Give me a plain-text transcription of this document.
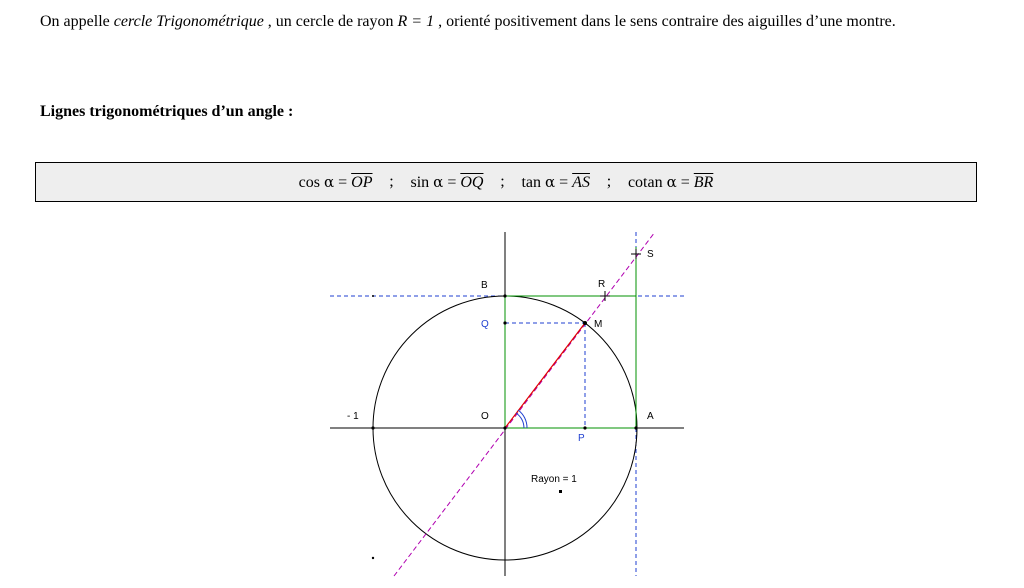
On appelle cercle Trigonométrique , un cercle de rayon R = 1 , orienté positivement dans le sens contraire des aiguilles d’une montre.

Lignes trigonométriques d’un angle :

$\cos \alpha = \overline{OP}$	;	$\sin \alpha = \overline{OQ}$	;	$\tan \alpha = \overline{AS}$	;	cotan $\alpha = \overline{BR}$
B	R
S
Q	M
- 1	O	A
P
Rayon = 1
